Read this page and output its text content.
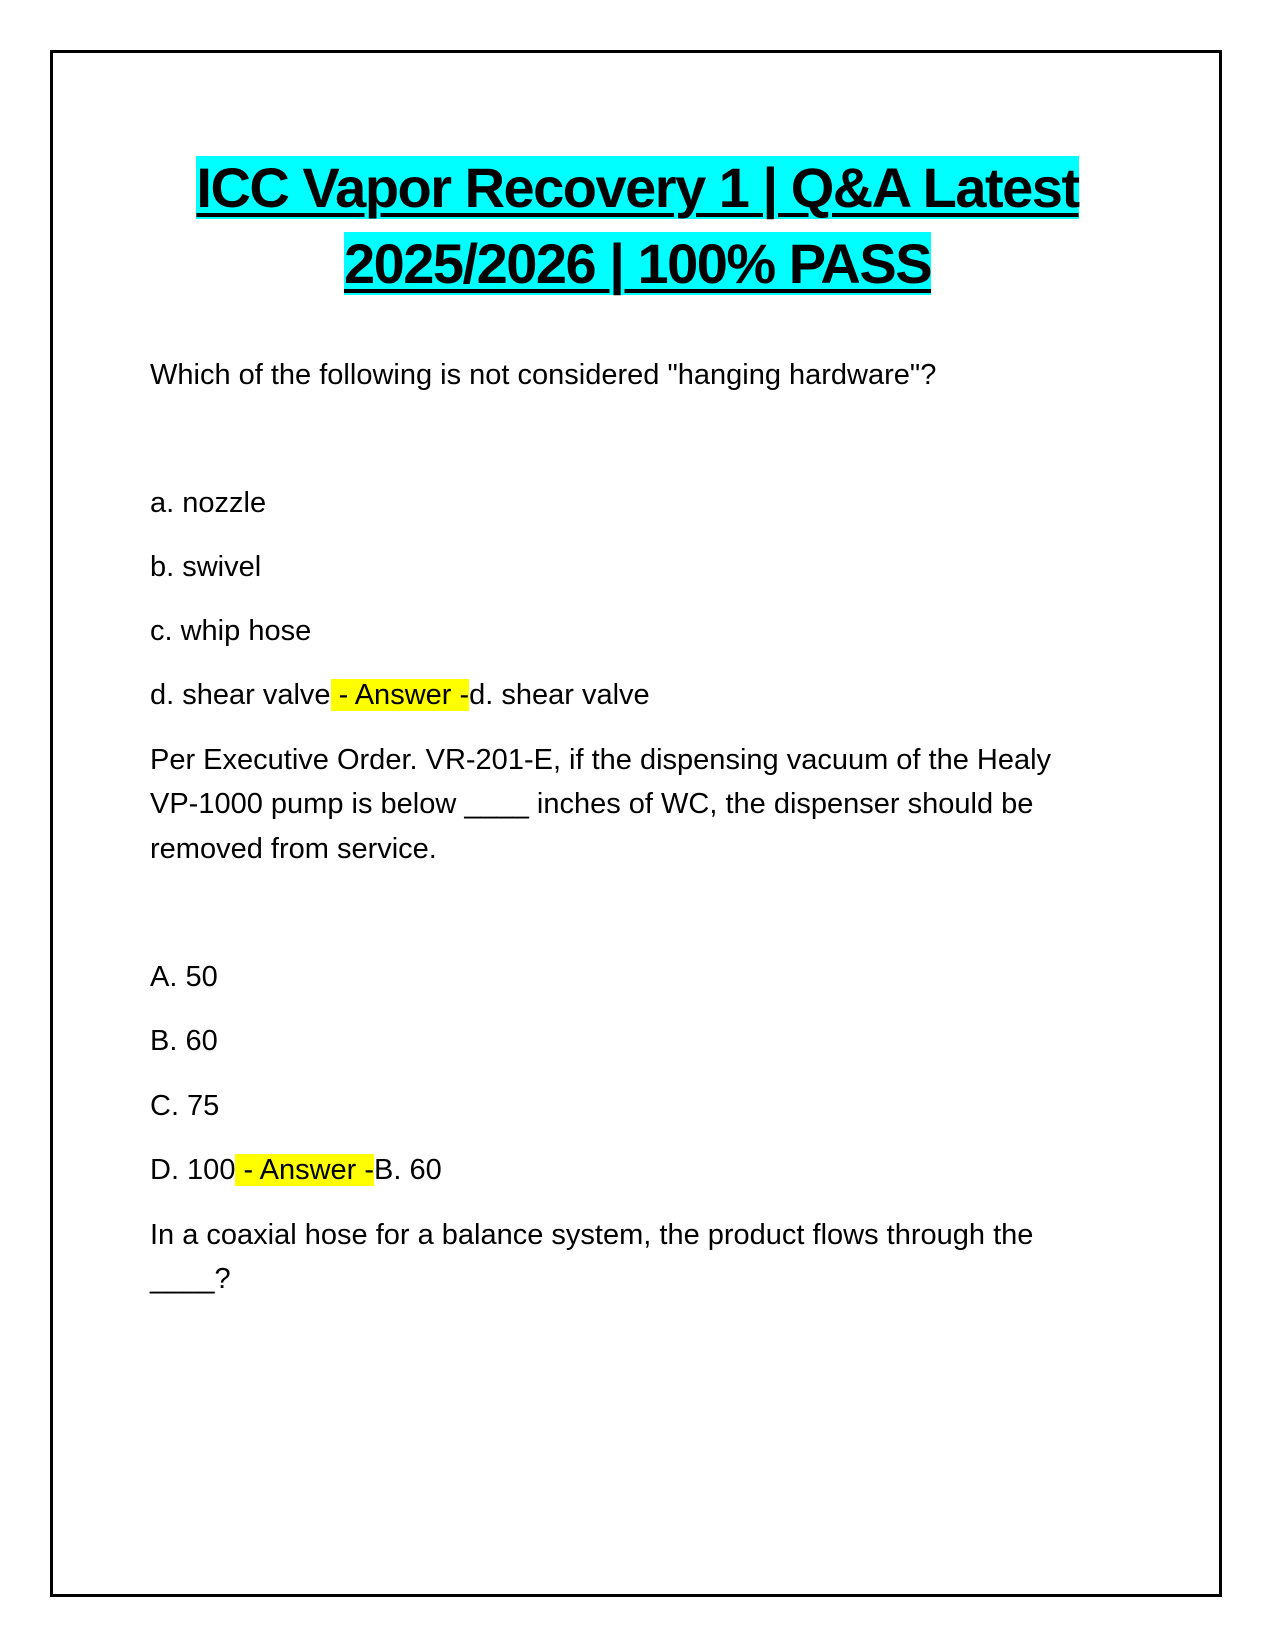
ICC Vapor Recovery 1 | Q&A Latest
2025/2026 | 100% PASS
Which of the following is not considered "hanging hardware"?
a. nozzle
b. swivel
c. whip hose
d. shear valve - Answer -d. shear valve
Per Executive Order. VR-201-E, if the dispensing vacuum of the Healy
VP-1000 pump is below ____ inches of WC, the dispenser should be
removed from service.
A. 50
B. 60
C. 75
D. 100 - Answer -B. 60
In a coaxial hose for a balance system, the product flows through the
____?
